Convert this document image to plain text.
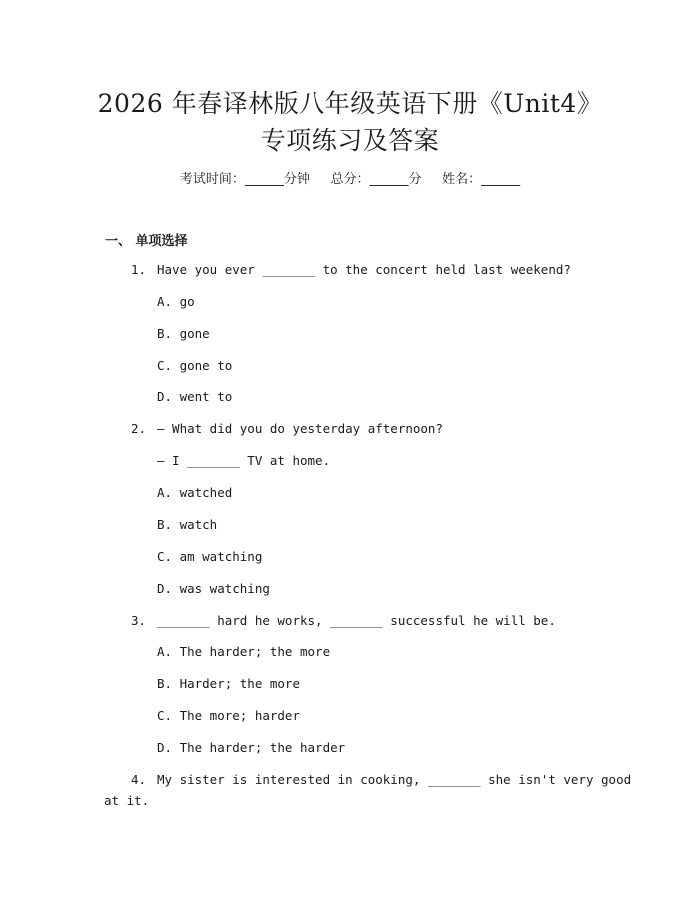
2026 年春译林版八年级英语下册《Unit4》
专项练习及答案
考试时间：______分钟     总分：______分     姓名：______
一、 单项选择
1. Have you ever _______ to the concert held last weekend?
A. go
B. gone
C. gone to
D. went to
2. — What did you do yesterday afternoon?
— I _______ TV at home.
A. watched
B. watch
C. am watching
D. was watching
3. _______ hard he works, _______ successful he will be.
A. The harder; the more
B. Harder; the more
C. The more; harder
D. The harder; the harder
4. My sister is interested in cooking, _______ she isn't very good
at it.
